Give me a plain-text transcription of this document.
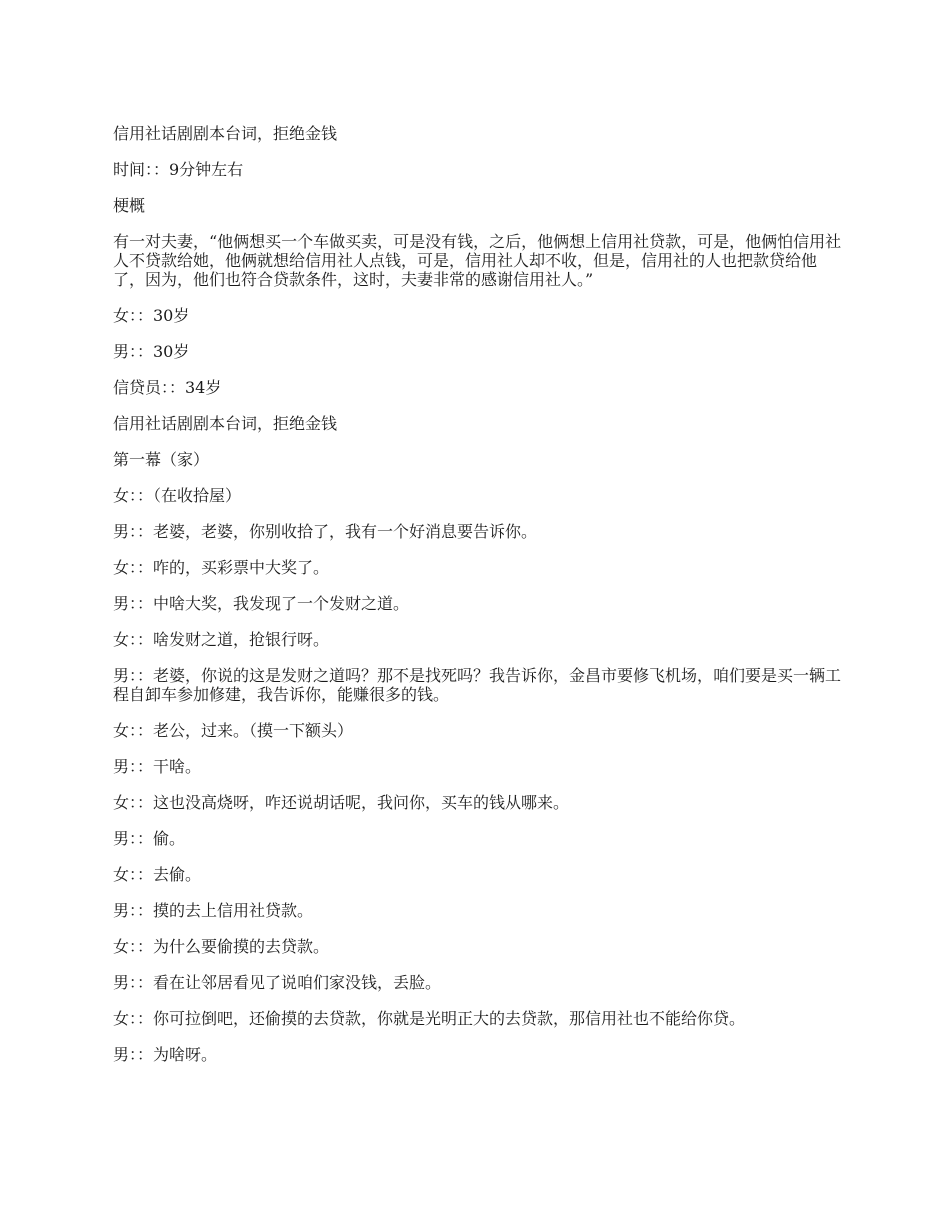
信用社话剧剧本台词，拒绝金钱

时间：：9分钟左右

梗概

有一对夫妻，“他俩想买一个车做买卖，可是没有钱，之后，他俩想上信用社贷款，可是，他俩怕信用社人不贷款给她，他俩就想给信用社人点钱，可是，信用社人却不收，但是，信用社的人也把款贷给他了，因为，他们也符合贷款条件，这时，夫妻非常的感谢信用社人。”

女：：30岁

男：：30岁

信贷员：：34岁

信用社话剧剧本台词，拒绝金钱

第一幕（家）

女：：（在收拾屋）

男：：老婆，老婆，你别收拾了，我有一个好消息要告诉你。

女：：咋的，买彩票中大奖了。

男：：中啥大奖，我发现了一个发财之道。

女：：啥发财之道，抢银行呀。

男：：老婆，你说的这是发财之道吗？那不是找死吗？我告诉你，金昌市要修飞机场，咱们要是买一辆工程自卸车参加修建，我告诉你，能赚很多的钱。

女：：老公，过来。（摸一下额头）

男：：干啥。

女：：这也没高烧呀，咋还说胡话呢，我问你，买车的钱从哪来。

男：：偷。

女：：去偷。

男：：摸的去上信用社贷款。

女：：为什么要偷摸的去贷款。

男：：看在让邻居看见了说咱们家没钱，丢脸。

女：：你可拉倒吧，还偷摸的去贷款，你就是光明正大的去贷款，那信用社也不能给你贷。

男：：为啥呀。
